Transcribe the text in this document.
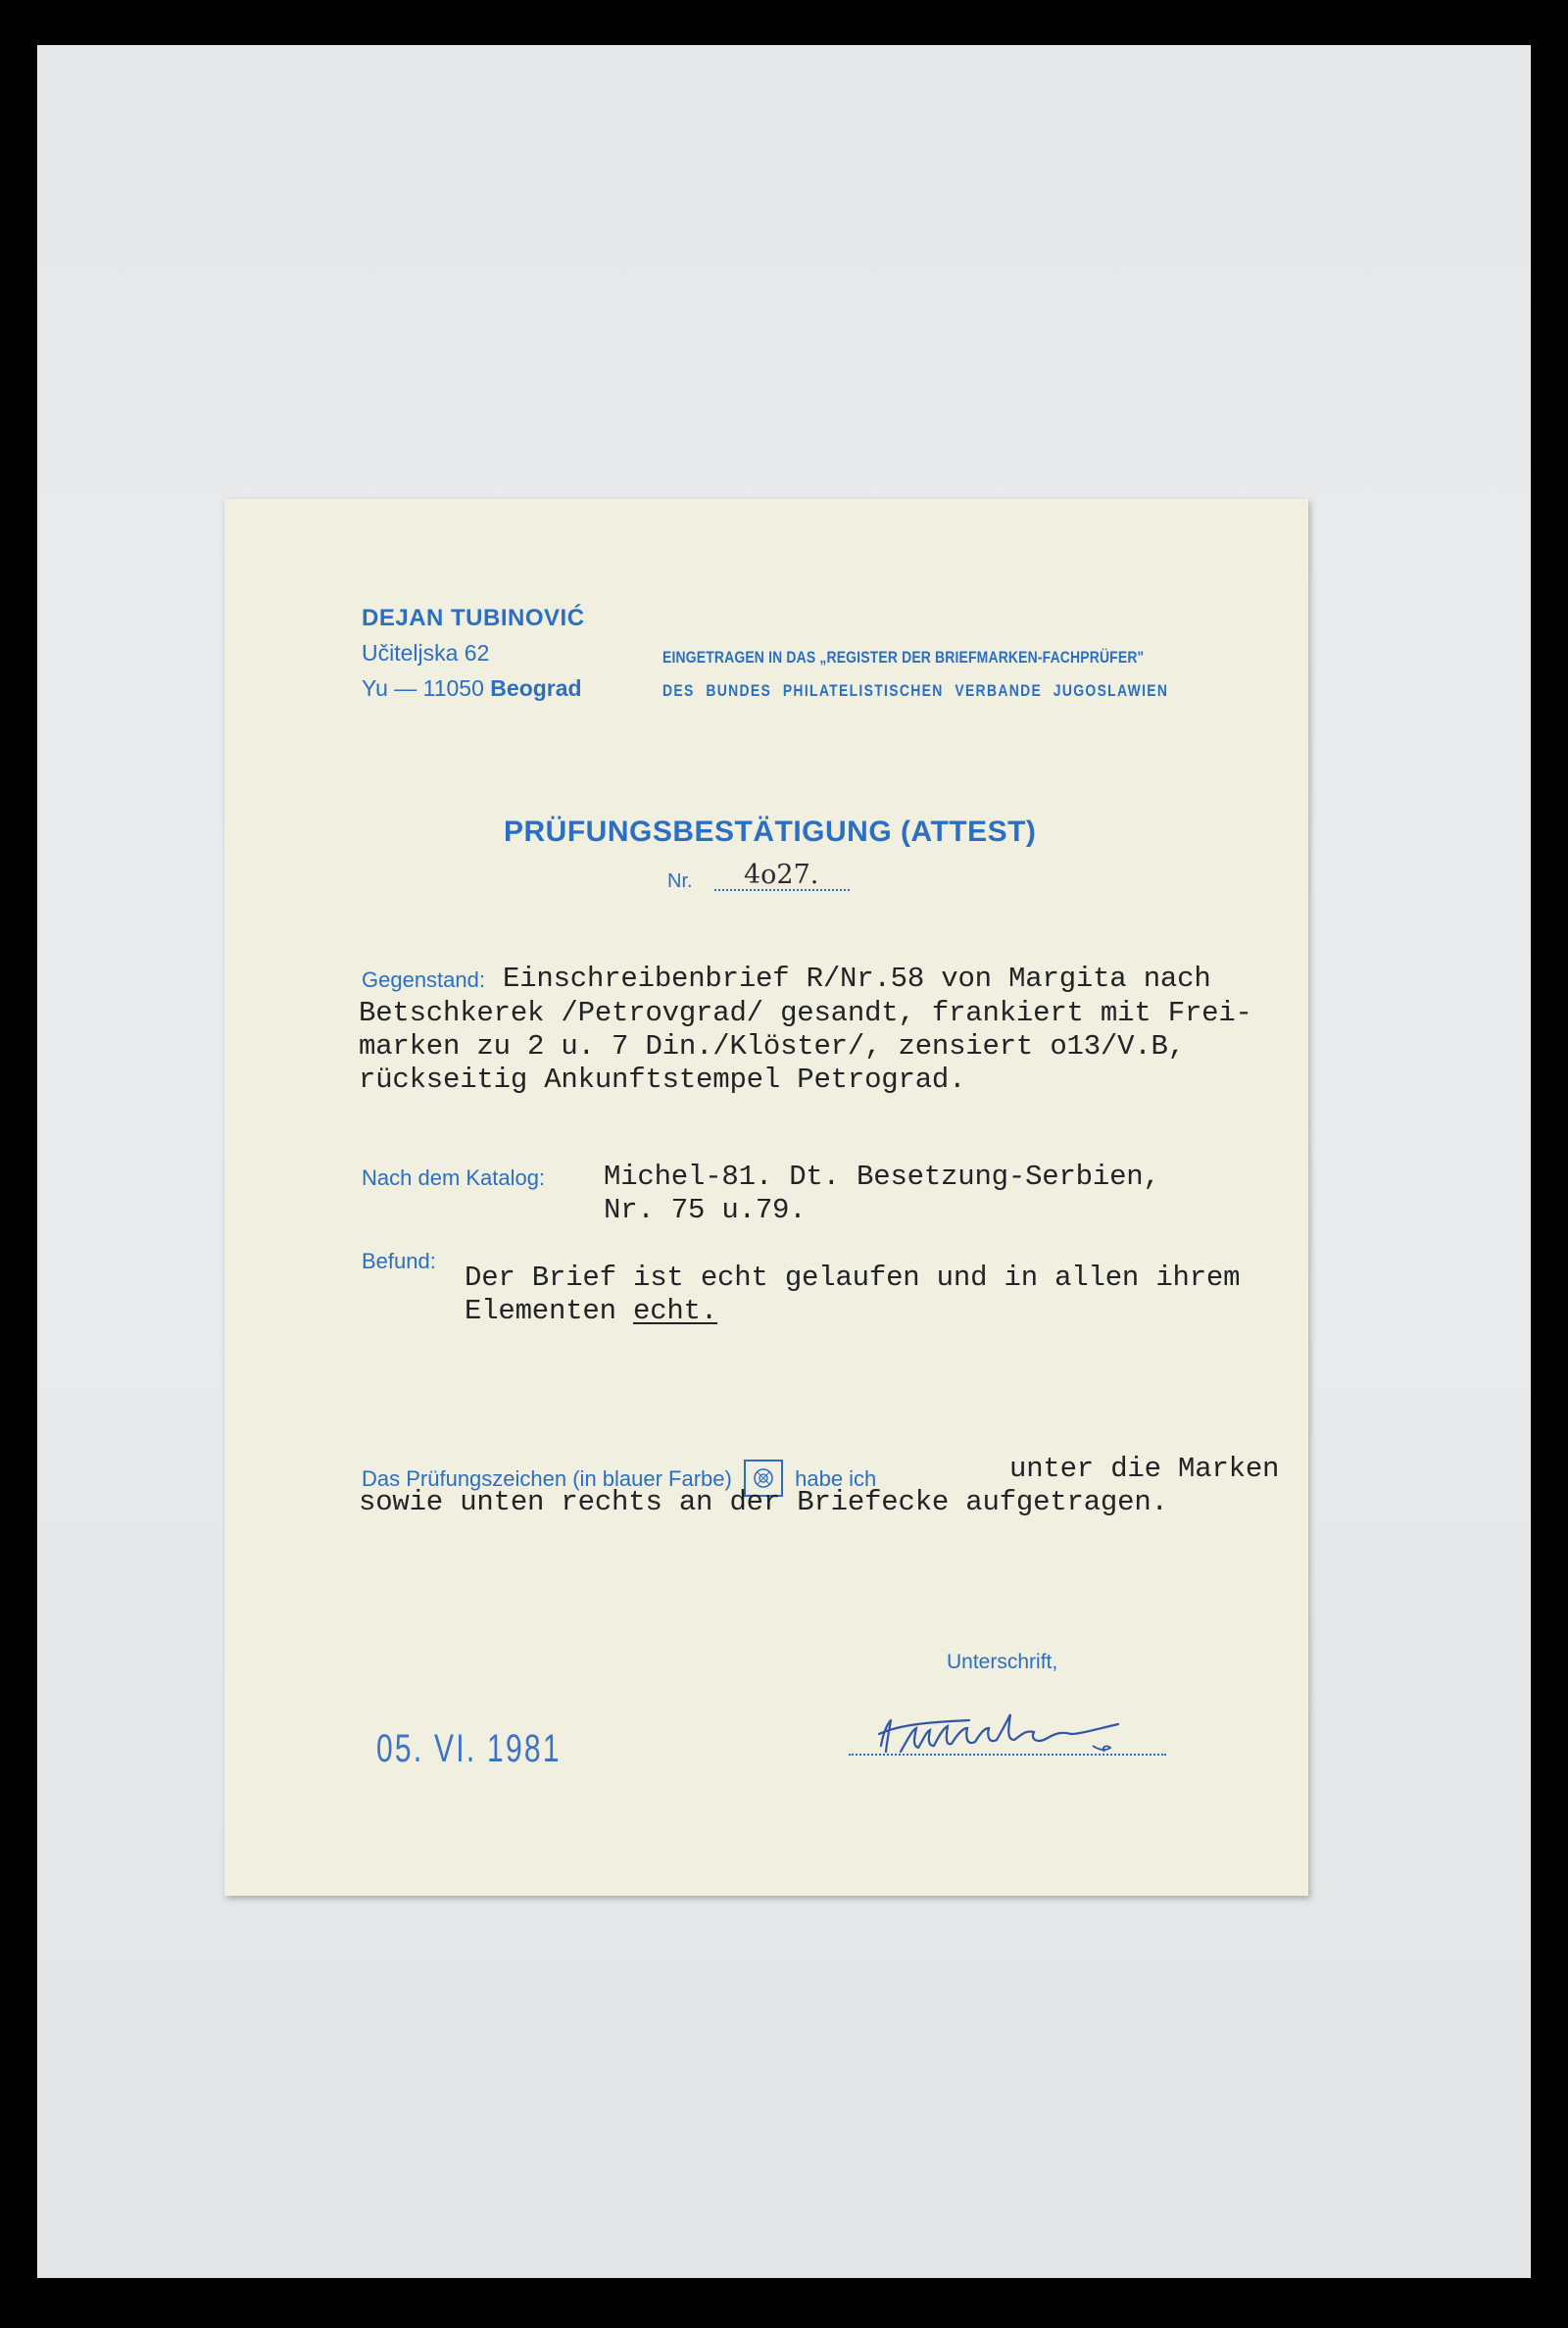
DEJAN TUBINOVIĆ
Učiteljska 62
Yu — 11050 Beograd
EINGETRAGEN IN DAS „REGISTER DER BRIEFMARKEN-FACHPRÜFER"
DES BUNDES PHILATELISTISCHEN VERBANDE JUGOSLAWIEN
PRÜFUNGSBESTÄTIGUNG (ATTEST)
Nr. 4o27.
Gegenstand: Einschreibenbrief R/Nr.58 von Margita nach
Betschkerek /Petrovgrad/ gesandt, frankiert mit Frei-
marken zu 2 u. 7 Din./Klöster/, zensiert o13/V.B,
rückseitig Ankunftstempel Petrograd.
Nach dem Katalog: Michel-81. Dt. Besetzung-Serbien,
Nr. 75 u.79.
Befund:
Der Brief ist echt gelaufen und in allen ihrem
Elementen echt.
Das Prüfungszeichen (in blauer Farbe)	habe ich	unter die Marken
sowie unten rechts an der Briefecke aufgetragen.
Unterschrift,
05. VI. 1981
